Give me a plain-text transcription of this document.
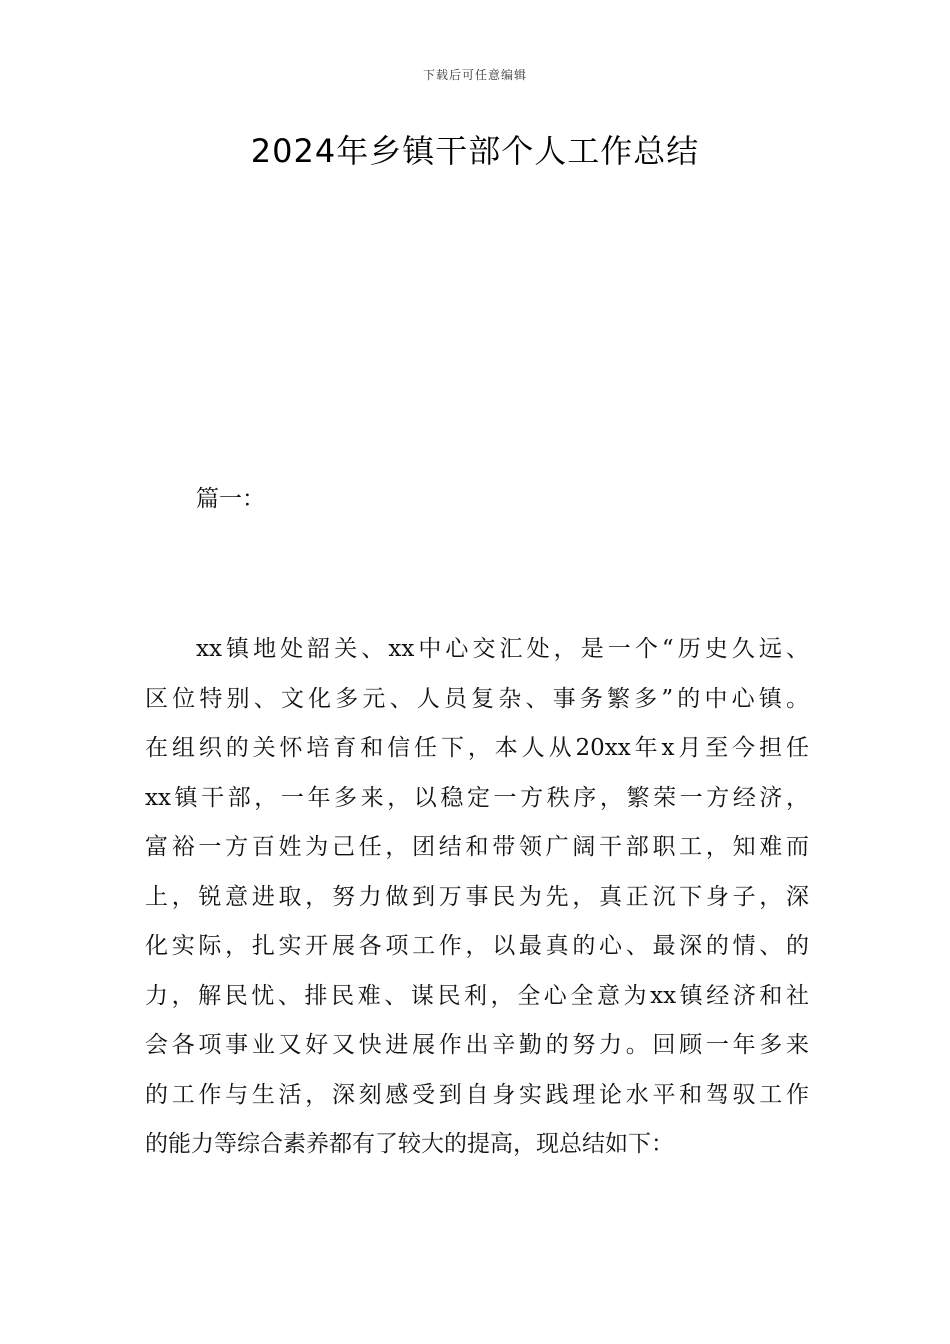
下载后可任意编辑
2024年乡镇干部个人工作总结
篇一：
xx镇地处韶关、xx中心交汇处，是一个“历史久远、
区位特别、文化多元、人员复杂、事务繁多”的中心镇。
在组织的关怀培育和信任下，本人从20xx年x月至今担任
xx镇干部，一年多来，以稳定一方秩序，繁荣一方经济，
富裕一方百姓为己任，团结和带领广阔干部职工，知难而
上，锐意进取，努力做到万事民为先，真正沉下身子，深
化实际，扎实开展各项工作，以最真的心、最深的情、的
力，解民忧、排民难、谋民利，全心全意为xx镇经济和社
会各项事业又好又快进展作出辛勤的努力。回顾一年多来
的工作与生活，深刻感受到自身实践理论水平和驾驭工作
的能力等综合素养都有了较大的提高，现总结如下：
